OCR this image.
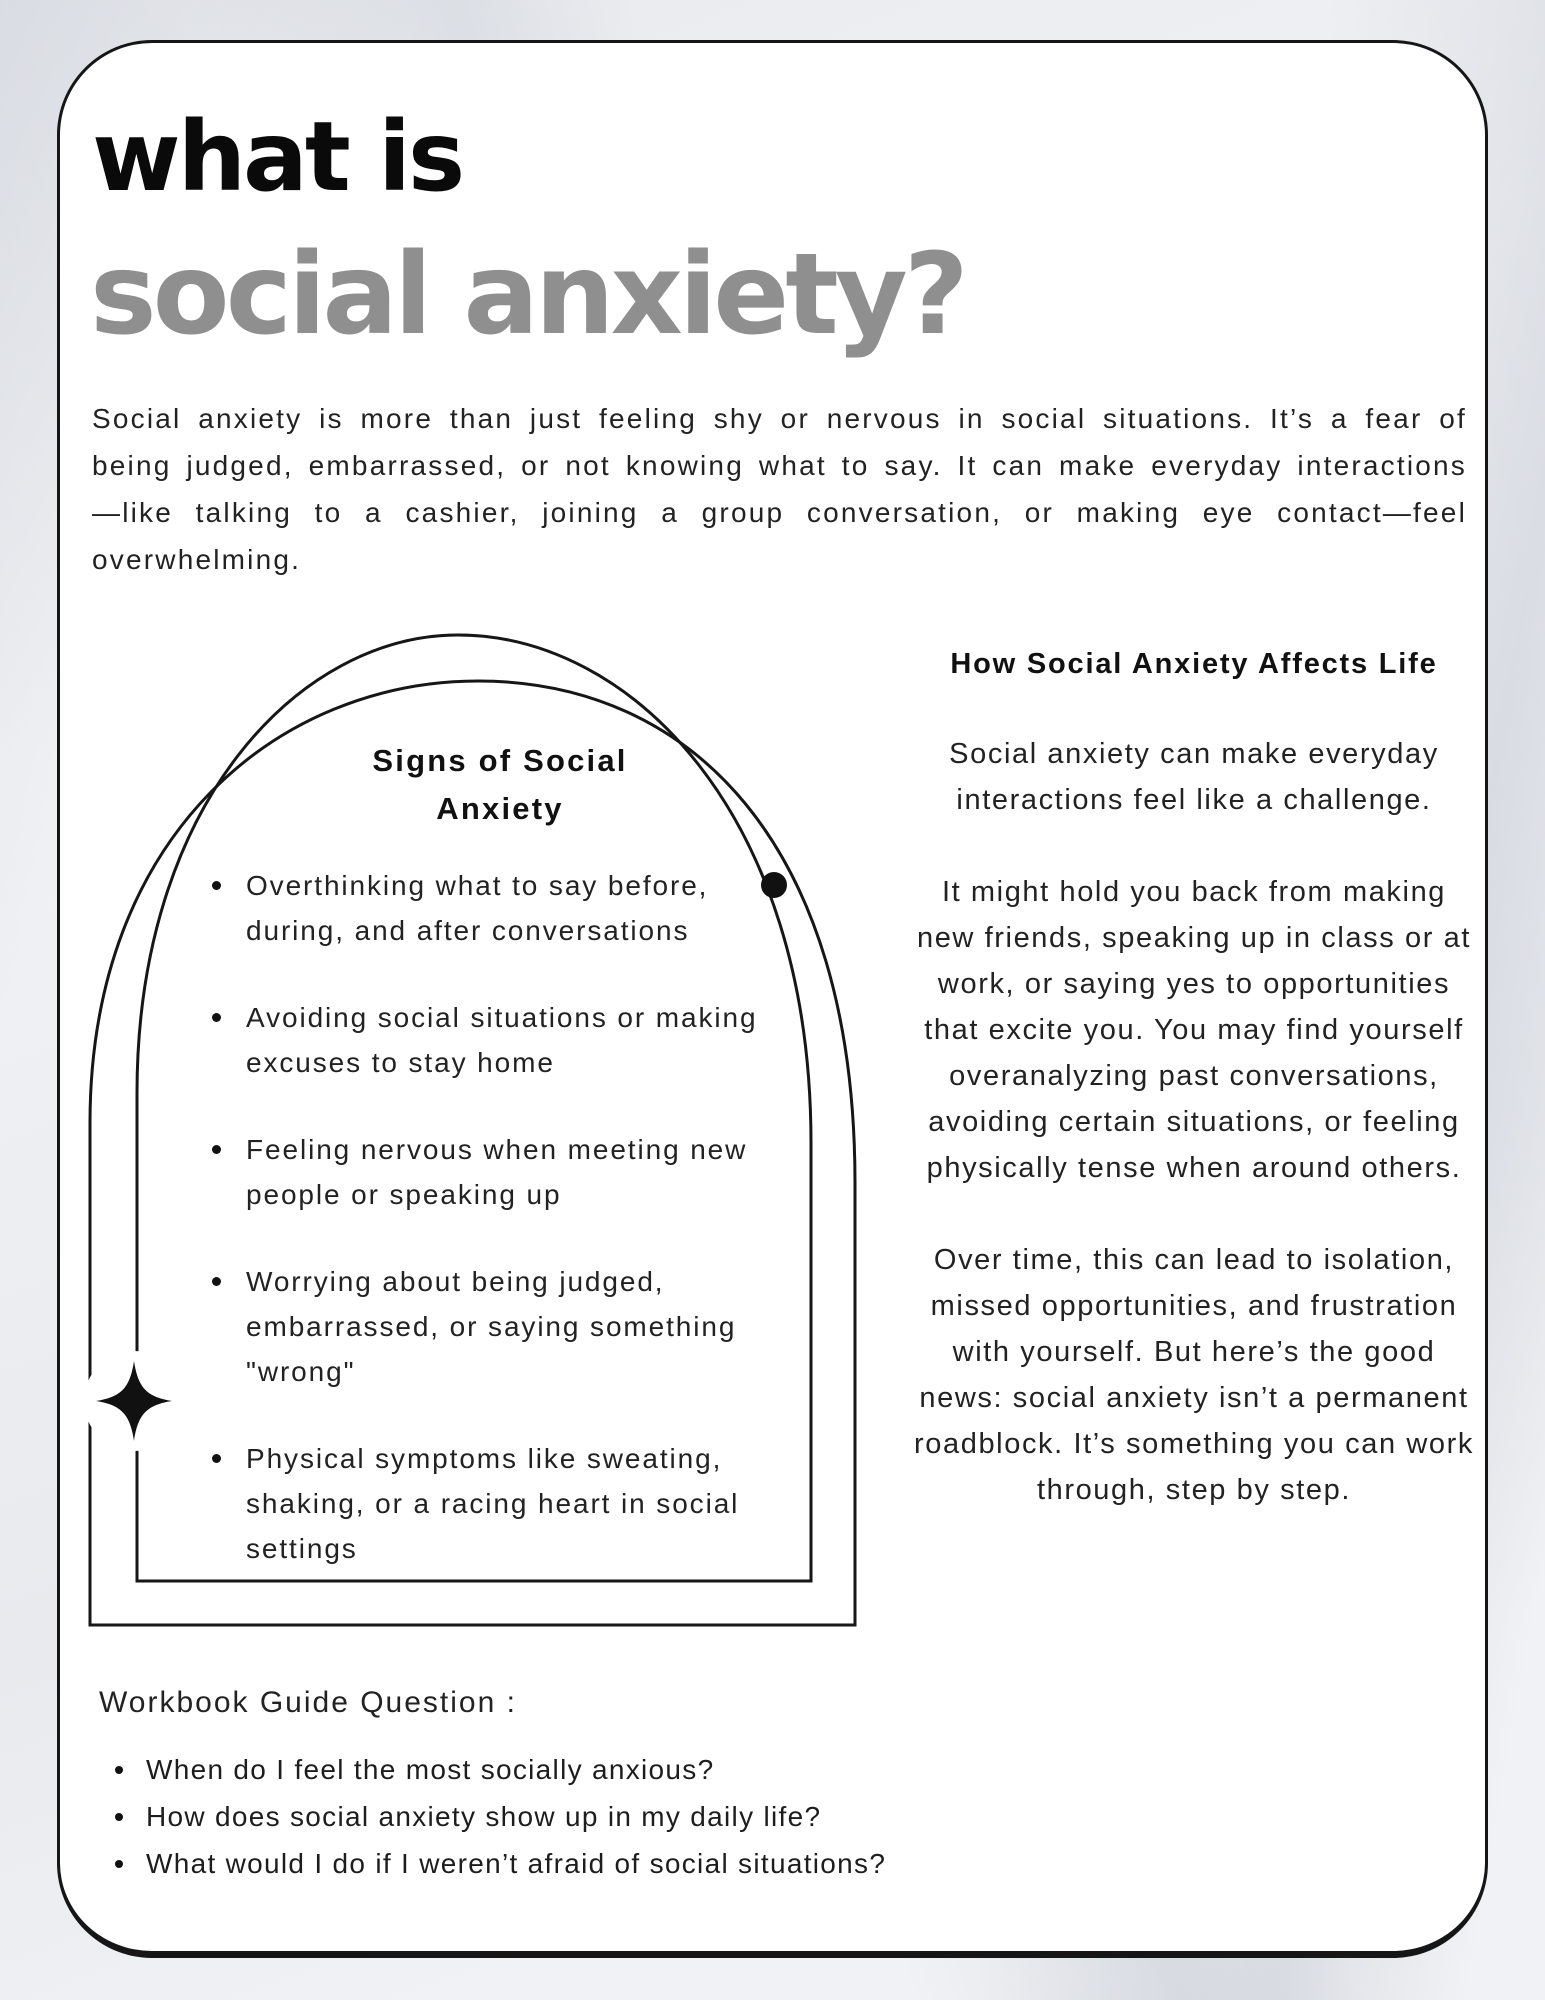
what is
social anxiety?

Social anxiety is more than just feeling shy or nervous in social situations. It’s a fear of being judged, embarrassed, or not knowing what to say. It can make everyday interactions—like talking to a cashier, joining a group conversation, or making eye contact—feel overwhelming.

Signs of Social Anxiety
Overthinking what to say before, during, and after conversations
Avoiding social situations or making excuses to stay home
Feeling nervous when meeting new people or speaking up
Worrying about being judged, embarrassed, or saying something "wrong"
Physical symptoms like sweating, shaking, or a racing heart in social settings
How Social Anxiety Affects Life

Social anxiety can make everyday interactions feel like a challenge.

It might hold you back from making new friends, speaking up in class or at work, or saying yes to opportunities that excite you. You may find yourself overanalyzing past conversations, avoiding certain situations, or feeling physically tense when around others.

Over time, this can lead to isolation, missed opportunities, and frustration with yourself. But here’s the good news: social anxiety isn’t a permanent roadblock. It’s something you can work through, step by step.

Workbook Guide Question :
When do I feel the most socially anxious?
How does social anxiety show up in my daily life?
What would I do if I weren’t afraid of social situations?
